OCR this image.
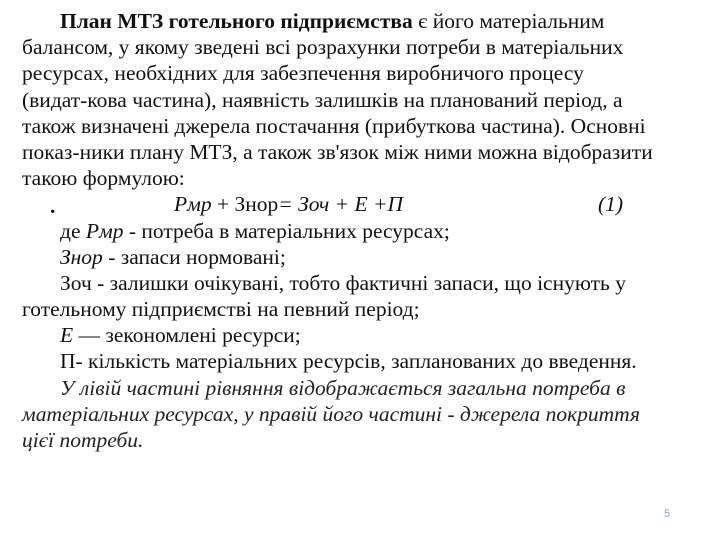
План МТЗ готельного підприємства є його матеріальним
балансом, у якому зведені всі розрахунки потреби в матеріальних
ресурсах, необхідних для забезпечення виробничого процесу
(видат-кова частина), наявність залишків на планований період, а
також визначені джерела постачання (прибуткова частина). Основні
показ-ники плану МТЗ, а також зв'язок між ними можна відобразити
такою формулою:
.	Рмр + Знор= Зоч + Е +П	(1)
де Рмр - потреба в матеріальних ресурсах;
Знор - запаси нормовані;
Зоч - залишки очікувані, тобто фактичні запаси, що існують у
готельному підприємстві на певний період;
Е — зекономлені ресурси;
П- кількість матеріальних ресурсів, запланованих до введення.
У лівій частині рівняння відображається загальна потреба в
матеріальних ресурсах, у правій його частині - джерела покриття
цієї потреби.
5
